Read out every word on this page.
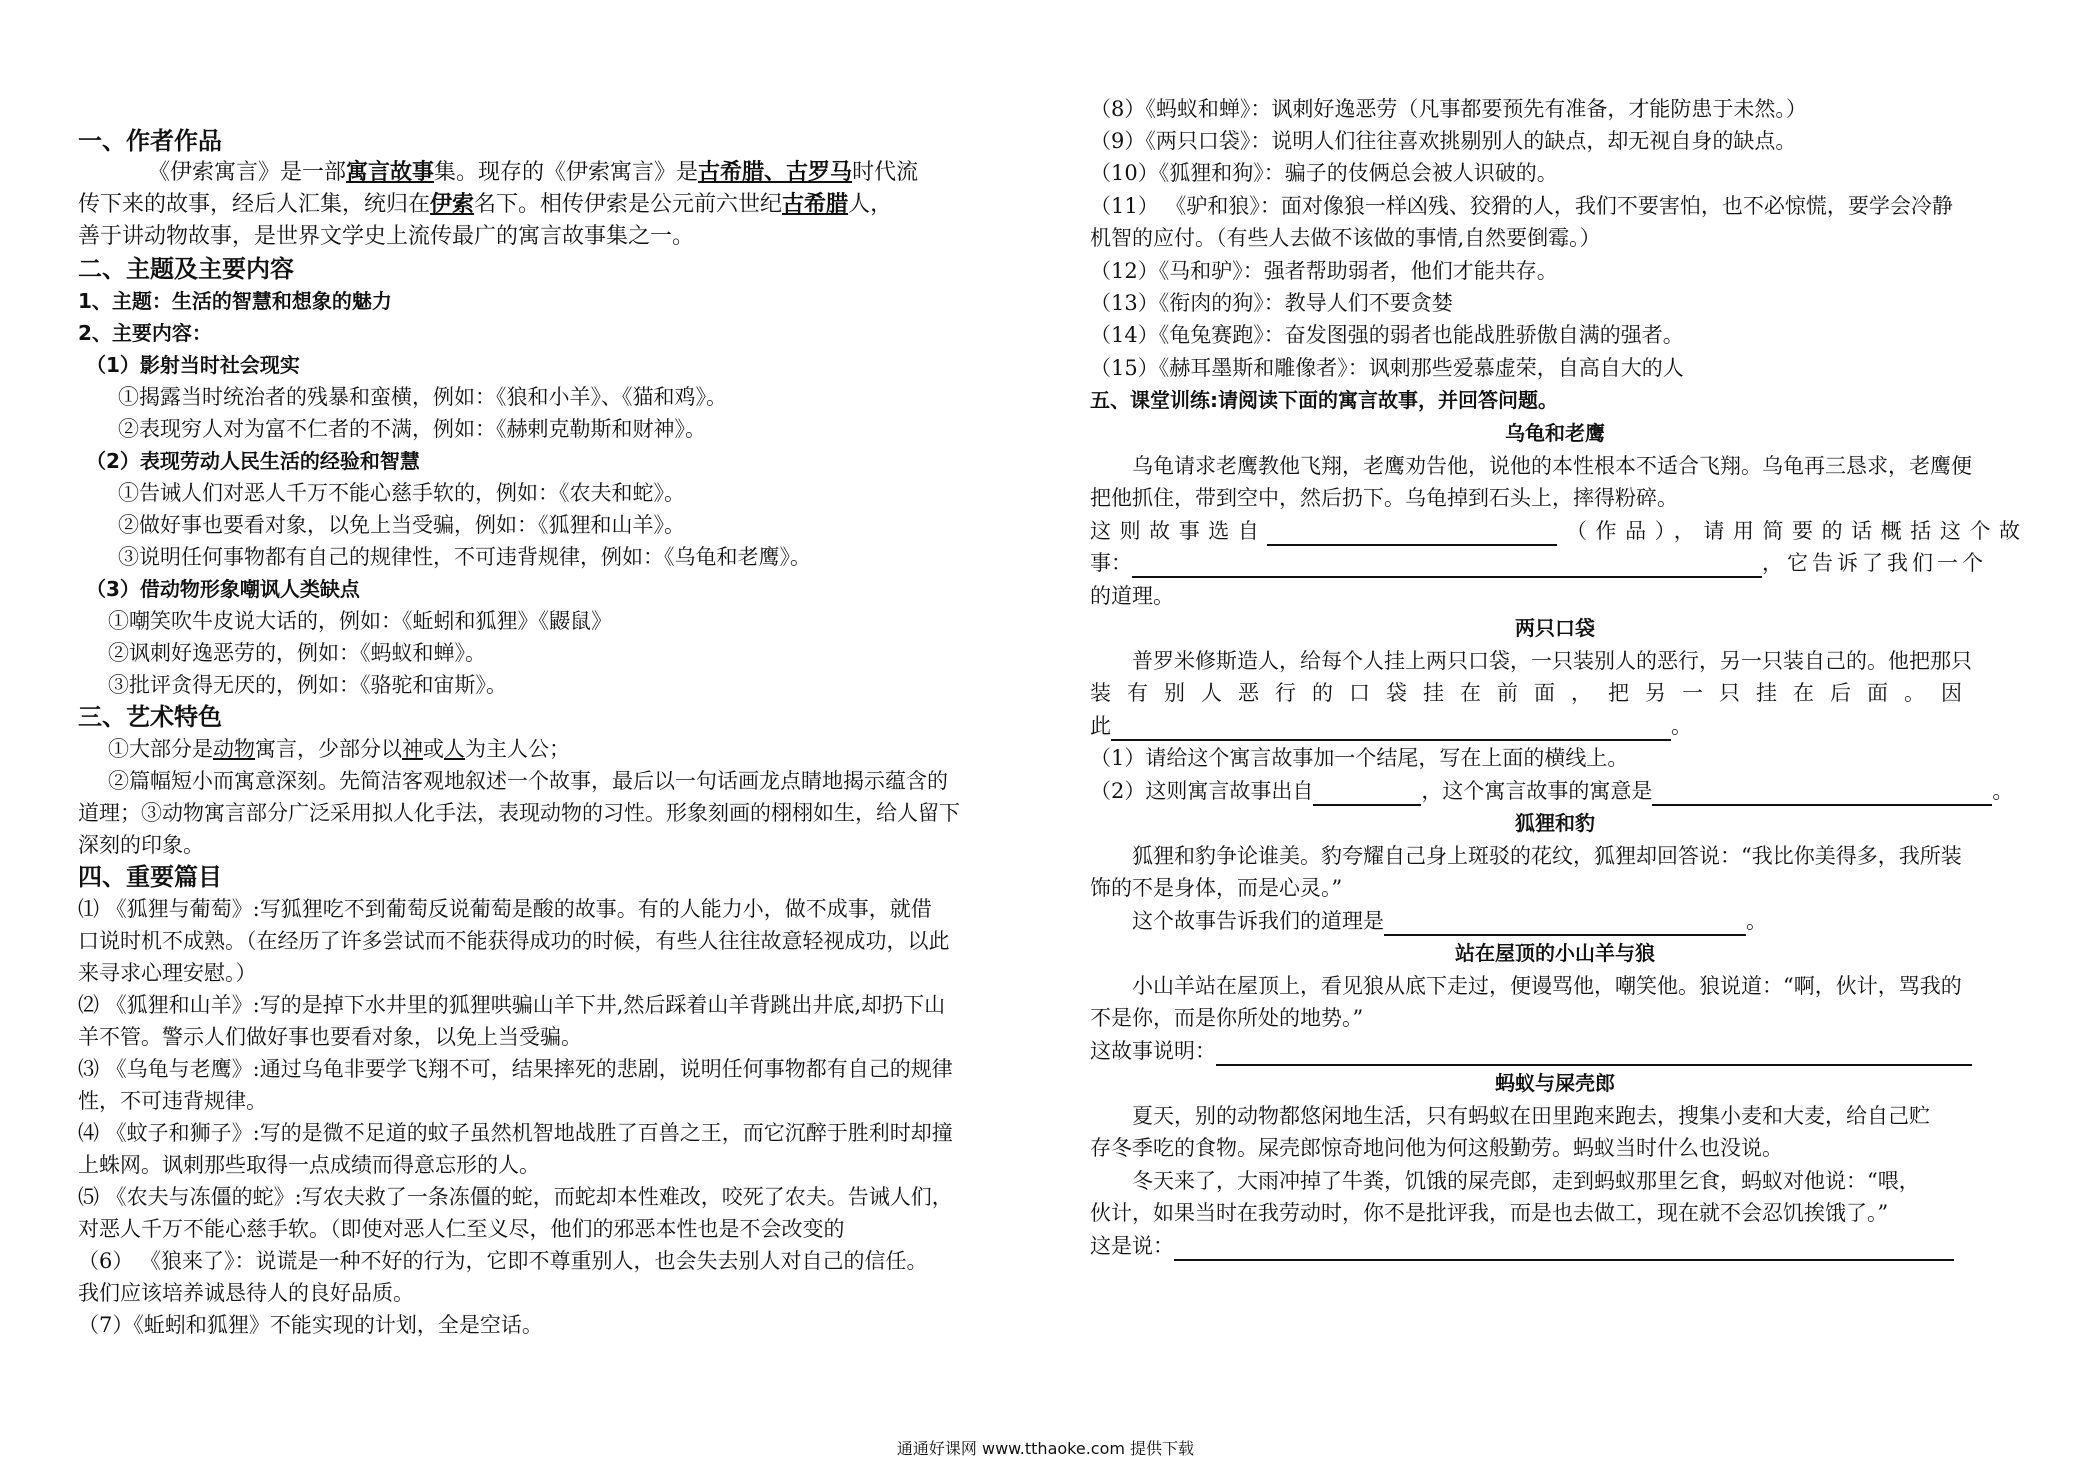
一、作者作品
《伊索寓言》是一部寓言故事集。现存的《伊索寓言》是古希腊、古罗马时代流
传下来的故事，经后人汇集，统归在伊索名下。相传伊索是公元前六世纪古希腊人，
善于讲动物故事，是世界文学史上流传最广的寓言故事集之一。
二、主题及主要内容
1、主题：生活的智慧和想象的魅力
2、主要内容：
（1）影射当时社会现实
①揭露当时统治者的残暴和蛮横，例如：《狼和小羊》、《猫和鸡》。
②表现穷人对为富不仁者的不满，例如：《赫剌克勒斯和财神》。
（2）表现劳动人民生活的经验和智慧
①告诫人们对恶人千万不能心慈手软的，例如：《农夫和蛇》。
②做好事也要看对象，以免上当受骗，例如：《狐狸和山羊》。
③说明任何事物都有自己的规律性，不可违背规律，例如：《乌龟和老鹰》。
（3）借动物形象嘲讽人类缺点
①嘲笑吹牛皮说大话的，例如：《蚯蚓和狐狸》《鼹鼠》
②讽刺好逸恶劳的，例如：《蚂蚁和蝉》。
③批评贪得无厌的，例如：《骆驼和宙斯》。
三、艺术特色
①大部分是动物寓言，少部分以神或人为主人公；
②篇幅短小而寓意深刻。先简洁客观地叙述一个故事，最后以一句话画龙点睛地揭示蕴含的
道理；③动物寓言部分广泛采用拟人化手法，表现动物的习性。形象刻画的栩栩如生，给人留下
深刻的印象。
四、重要篇目
⑴ 《狐狸与葡萄》:写狐狸吃不到葡萄反说葡萄是酸的故事。有的人能力小，做不成事，就借
口说时机不成熟。（在经历了许多尝试而不能获得成功的时候，有些人往往故意轻视成功，以此
来寻求心理安慰。）
⑵ 《狐狸和山羊》:写的是掉下水井里的狐狸哄骗山羊下井,然后踩着山羊背跳出井底,却扔下山
羊不管。警示人们做好事也要看对象，以免上当受骗。
⑶ 《乌龟与老鹰》:通过乌龟非要学飞翔不可，结果摔死的悲剧，说明任何事物都有自己的规律
性，不可违背规律。
⑷ 《蚊子和狮子》:写的是微不足道的蚊子虽然机智地战胜了百兽之王，而它沉醉于胜利时却撞
上蛛网。讽刺那些取得一点成绩而得意忘形的人。
⑸ 《农夫与冻僵的蛇》:写农夫救了一条冻僵的蛇，而蛇却本性难改，咬死了农夫。告诫人们，
对恶人千万不能心慈手软。（即使对恶人仁至义尽，他们的邪恶本性也是不会改变的
（6） 《狼来了》：说谎是一种不好的行为，它即不尊重别人，也会失去别人对自己的信任。
我们应该培养诚恳待人的良好品质。
（7）《蚯蚓和狐狸》不能实现的计划，全是空话。
（8）《蚂蚁和蝉》：讽刺好逸恶劳（凡事都要预先有准备，才能防患于未然。）
（9）《两只口袋》：说明人们往往喜欢挑剔别人的缺点，却无视自身的缺点。
（10）《狐狸和狗》：骗子的伎俩总会被人识破的。
（11） 《驴和狼》：面对像狼一样凶残、狡猾的人，我们不要害怕，也不必惊慌，要学会冷静
机智的应付。（有些人去做不该做的事情,自然要倒霉。）
（12）《马和驴》：强者帮助弱者，他们才能共存。
（13）《衔肉的狗》：教导人们不要贪婪
（14）《龟兔赛跑》：奋发图强的弱者也能战胜骄傲自满的强者。
（15）《赫耳墨斯和雕像者》：讽刺那些爱慕虚荣，自高自大的人
五、课堂训练:请阅读下面的寓言故事，并回答问题。
乌龟和老鹰
乌龟请求老鹰教他飞翔，老鹰劝告他，说他的本性根本不适合飞翔。乌龟再三恳求，老鹰便
把他抓住，带到空中，然后扔下。乌龟掉到石头上，摔得粉碎。
这则故事选自	（作品），请用简要的话概括这个故
事：	，它告诉了我们一个
的道理。
两只口袋
普罗米修斯造人，给每个人挂上两只口袋，一只装别人的恶行，另一只装自己的。他把那只
装有别人恶行的口袋挂在前面，把另一只挂在后面。因
此	。
（1）请给这个寓言故事加一个结尾，写在上面的横线上。
（2）这则寓言故事出自	，这个寓言故事的寓意是	。
狐狸和豹
狐狸和豹争论谁美。豹夸耀自己身上斑驳的花纹，狐狸却回答说：“我比你美得多，我所装
饰的不是身体，而是心灵。”
这个故事告诉我们的道理是	。
站在屋顶的小山羊与狼
小山羊站在屋顶上，看见狼从底下走过，便谩骂他，嘲笑他。狼说道：“啊，伙计，骂我的
不是你，而是你所处的地势。”
这故事说明：
蚂蚁与屎壳郎
夏天，别的动物都悠闲地生活，只有蚂蚁在田里跑来跑去，搜集小麦和大麦，给自己贮
存冬季吃的食物。屎壳郎惊奇地问他为何这般勤劳。蚂蚁当时什么也没说。
冬天来了，大雨冲掉了牛粪，饥饿的屎壳郎，走到蚂蚁那里乞食，蚂蚁对他说：“喂，
伙计，如果当时在我劳动时，你不是批评我，而是也去做工，现在就不会忍饥挨饿了。”
这是说：
通通好课网 www.tthaoke.com 提供下载
